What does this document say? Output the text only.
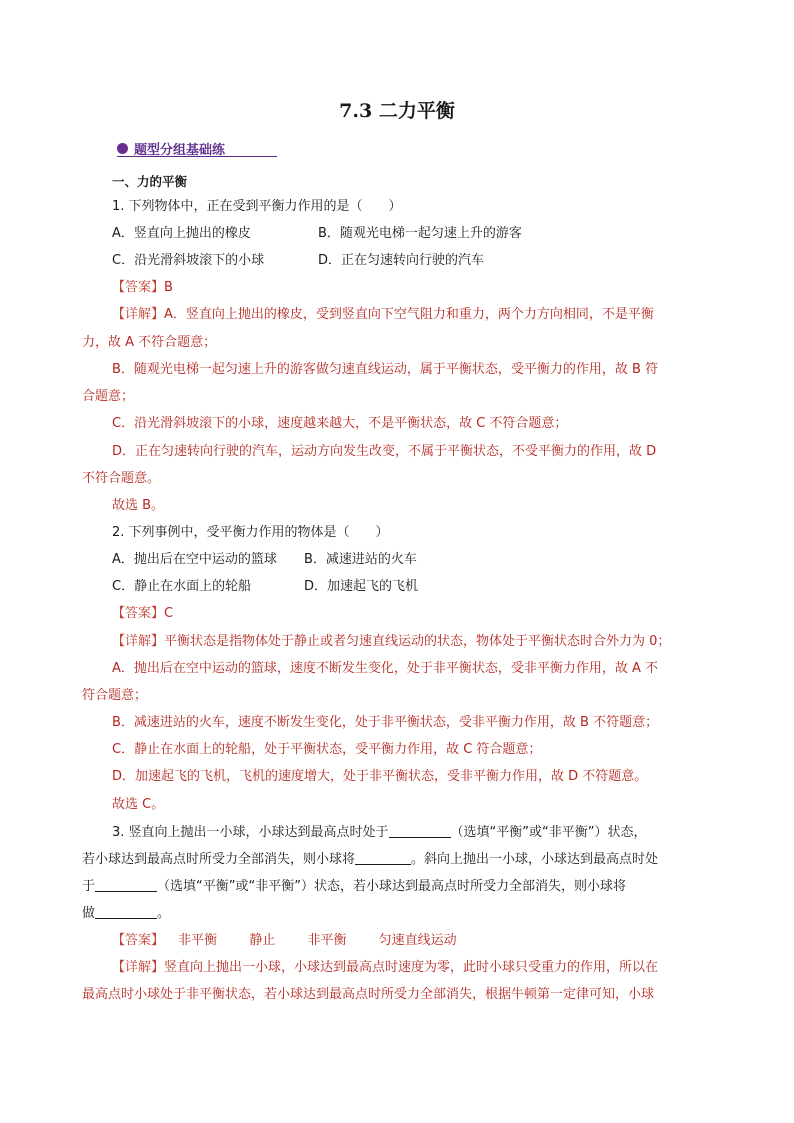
7.3 二力平衡
题型分组基础练
一、力的平衡
1. 下列物体中，正在受到平衡力作用的是（　　）
A．竖直向上抛出的橡皮	B．随观光电梯一起匀速上升的游客
C．沿光滑斜坡滚下的小球	D．正在匀速转向行驶的汽车
【答案】B
【详解】A．竖直向上抛出的橡皮，受到竖直向下空气阻力和重力，两个力方向相同，不是平衡
力，故 A 不符合题意；
B．随观光电梯一起匀速上升的游客做匀速直线运动，属于平衡状态，受平衡力的作用，故 B 符
合题意；
C．沿光滑斜坡滚下的小球，速度越来越大，不是平衡状态，故 C 不符合题意；
D．正在匀速转向行驶的汽车，运动方向发生改变，不属于平衡状态，不受平衡力的作用，故 D
不符合题意。
故选 B。
2. 下列事例中，受平衡力作用的物体是（　　）
A．抛出后在空中运动的篮球 B．减速进站的火车
C．静止在水面上的轮船	D．加速起飞的飞机
【答案】C
【详解】平衡状态是指物体处于静止或者匀速直线运动的状态，物体处于平衡状态时合外力为 0；
A．抛出后在空中运动的篮球，速度不断发生变化，处于非平衡状态，受非平衡力作用，故 A 不
符合题意；
B．减速进站的火车，速度不断发生变化，处于非平衡状态，受非平衡力作用，故 B 不符题意；
C．静止在水面上的轮船，处于平衡状态，受平衡力作用，故 C 符合题意；
D．加速起飞的飞机，飞机的速度增大，处于非平衡状态，受非平衡力作用，故 D 不符题意。
故选 C。
3. 竖直向上抛出一小球，小球达到最高点时处于	（选填“平衡”或“非平衡”）状态，
若小球达到最高点时所受力全部消失，则小球将	。斜向上抛出一小球，小球达到最高点时处
于	（选填“平衡”或“非平衡”）状态，若小球达到最高点时所受力全部消失，则小球将
做	。
【答案】 非平衡 静止 非平衡 匀速直线运动
【详解】竖直向上抛出一小球，小球达到最高点时速度为零，此时小球只受重力的作用，所以在
最高点时小球处于非平衡状态，若小球达到最高点时所受力全部消失，根据牛顿第一定律可知，小球
